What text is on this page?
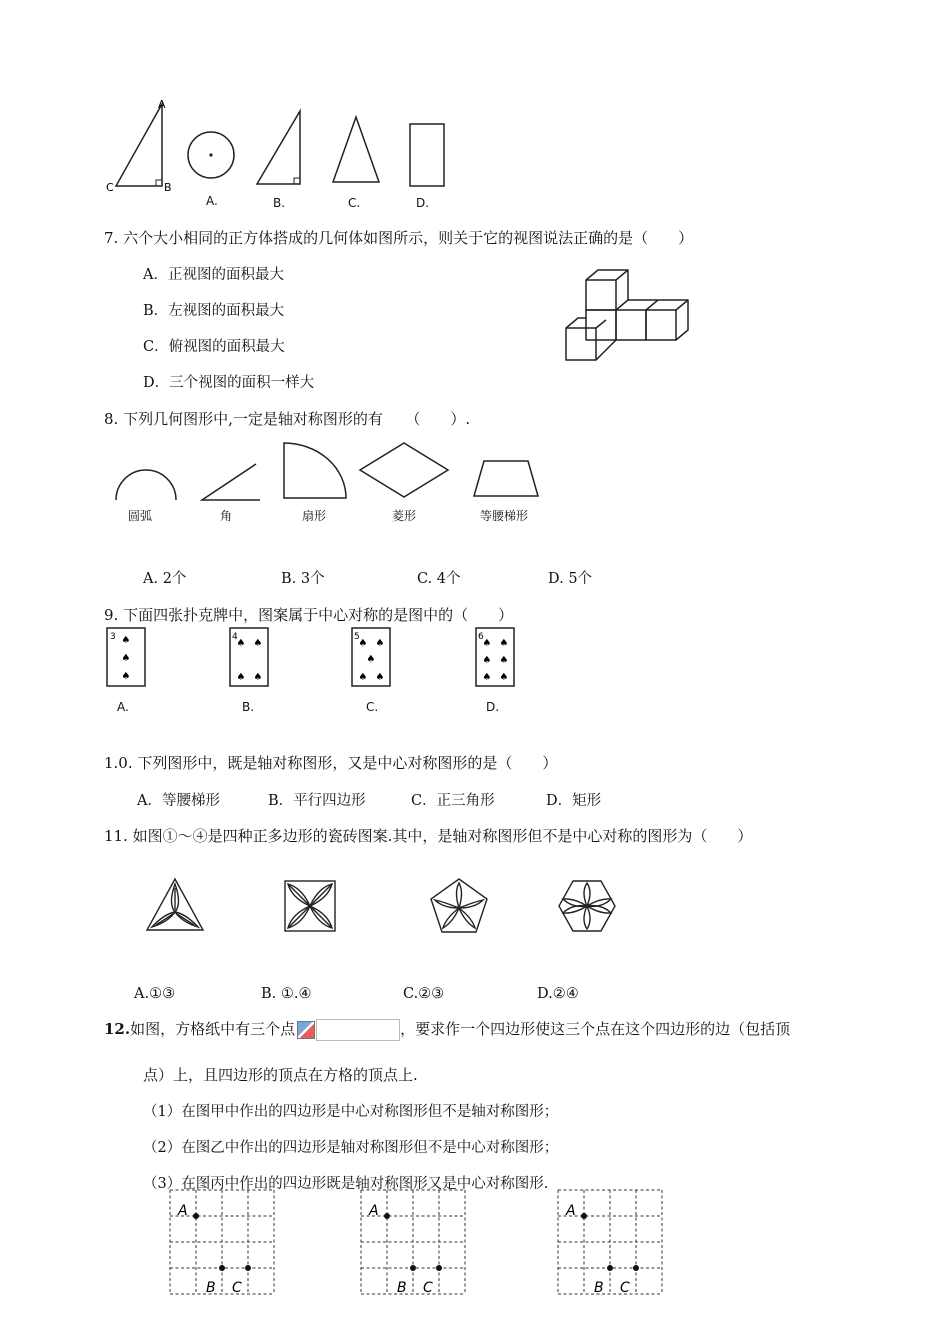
A
C	B
A.	B.	C.	D.
7. 六个大小相同的正方体搭成的几何体如图所示，则关于它的视图说法正确的是（　　）
A．正视图的面积最大
B．左视图的面积最大
C．俯视图的面积最大
D．三个视图的面积一样大
8. 下列几何图形中,一定是轴对称图形的有　　（　　）.
圆弧	角	扇形	菱形	等腰梯形
A. 2个	B. 3个	C. 4个	D. 5个
9. 下面四张扑克牌中，图案属于中心对称的是图中的（　　）
3 ♠
♠
♠
4
♠ ♠
♠ ♠
5
♠ ♠
♠
♠ ♠
6
♠ ♠
♠ ♠
♠ ♠
A.	B.	C.	D.
1.0. 下列图形中，既是轴对称图形，又是中心对称图形的是（　　）
A．等腰梯形	B．平行四边形	C．正三角形	D．矩形
11. 如图①～④是四种正多边形的瓷砖图案.其中，是轴对称图形但不是中心对称的图形为（　　）
A.①③	B. ①.④	C.②③	D.②④
12.如图，方格纸中有三个点	，要求作一个四边形使这三个点在这个四边形的边（包括顶
点）上，且四边形的顶点在方格的顶点上.
（1）在图甲中作出的四边形是中心对称图形但不是轴对称图形；
（2）在图乙中作出的四边形是轴对称图形但不是中心对称图形；
（3）在图丙中作出的四边形既是轴对称图形又是中心对称图形.
A
B C
A
B C
A
B C
